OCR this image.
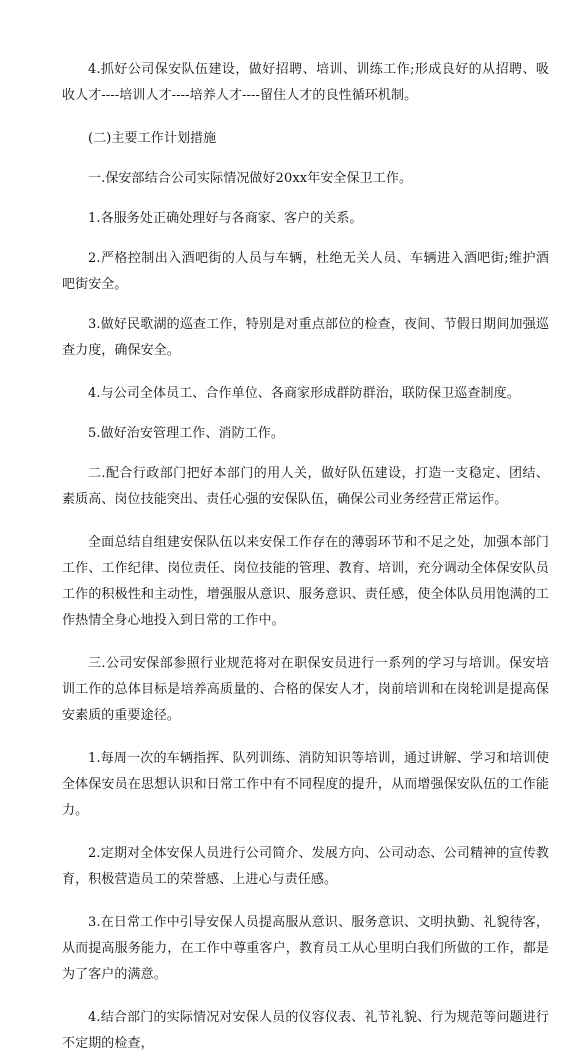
4.抓好公司保安队伍建设，做好招聘、培训、训练工作;形成良好的从招聘、吸收人才----培训人才----培养人才----留住人才的良性循环机制。

(二)主要工作计划措施

一.保安部结合公司实际情况做好20xx年安全保卫工作。

1.各服务处正确处理好与各商家、客户的关系。

2.严格控制出入酒吧街的人员与车辆，杜绝无关人员、车辆进入酒吧街;维护酒吧街安全。

3.做好民歌湖的巡查工作，特别是对重点部位的检查，夜间、节假日期间加强巡查力度，确保安全。

4.与公司全体员工、合作单位、各商家形成群防群治，联防保卫巡查制度。

5.做好治安管理工作、消防工作。

二.配合行政部门把好本部门的用人关，做好队伍建设，打造一支稳定、团结、素质高、岗位技能突出、责任心强的安保队伍，确保公司业务经营正常运作。

全面总结自组建安保队伍以来安保工作存在的薄弱环节和不足之处，加强本部门工作、工作纪律、岗位责任、岗位技能的管理、教育、培训，充分调动全体保安队员工作的积极性和主动性，增强服从意识、服务意识、责任感，使全体队员用饱满的工作热情全身心地投入到日常的工作中。

三.公司安保部参照行业规范将对在职保安员进行一系列的学习与培训。保安培训工作的总体目标是培养高质量的、合格的保安人才，岗前培训和在岗轮训是提高保安素质的重要途径。

1.每周一次的车辆指挥、队列训练、消防知识等培训，通过讲解、学习和培训使全体保安员在思想认识和日常工作中有不同程度的提升，从而增强保安队伍的工作能力。

2.定期对全体安保人员进行公司简介、发展方向、公司动态、公司精神的宣传教育，积极营造员工的荣誉感、上进心与责任感。

3.在日常工作中引导安保人员提高服从意识、服务意识、文明执勤、礼貌待客，从而提高服务能力，在工作中尊重客户，教育员工从心里明白我们所做的工作，都是为了客户的满意。

4.结合部门的实际情况对安保人员的仪容仪表、礼节礼貌、行为规范等问题进行不定期的检查，
